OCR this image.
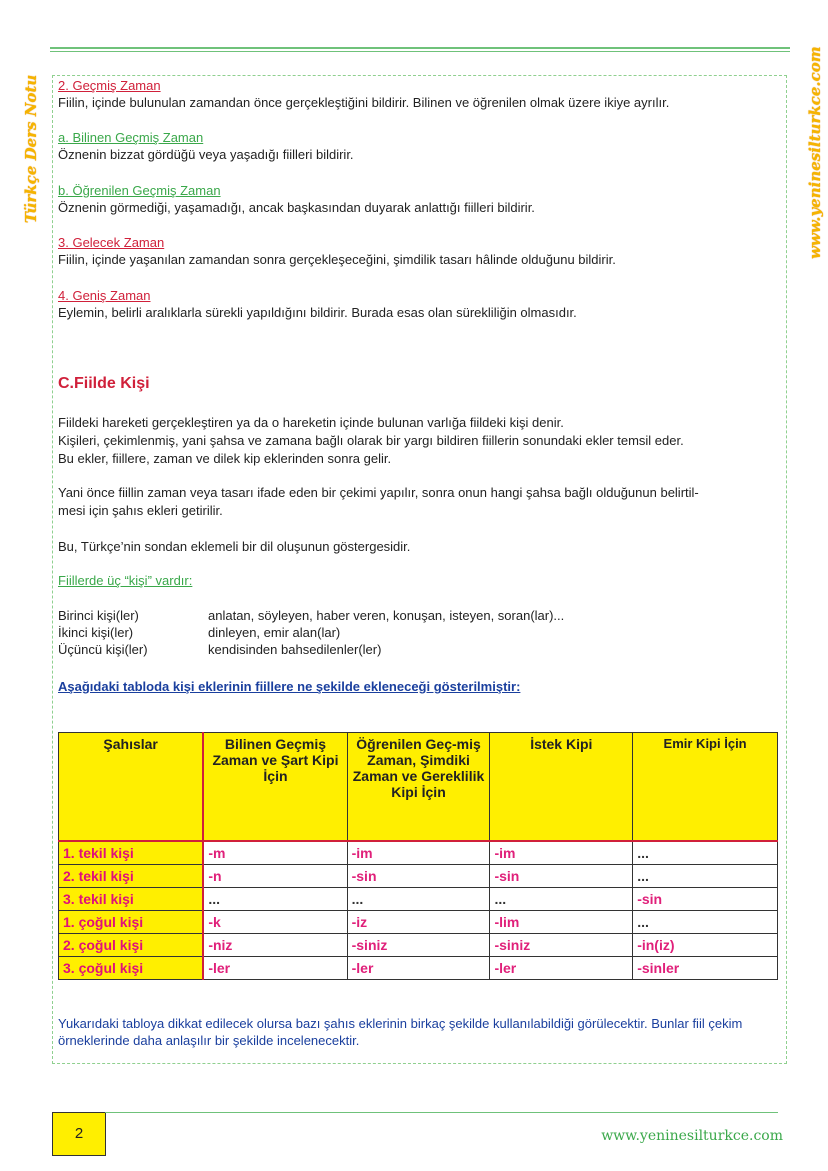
Türkçe Ders Notu	www.yeninesilturkce.com
2. Geçmiş Zaman
Fiilin, içinde bulunulan zamandan önce gerçekleştiğini bildirir. Bilinen ve öğrenilen olmak üzere ikiye ayrılır.
a. Bilinen Geçmiş Zaman
Öznenin bizzat gördüğü veya yaşadığı fiilleri bildirir.
b. Öğrenilen Geçmiş Zaman
Öznenin görmediği, yaşamadığı, ancak başkasından duyarak anlattığı fiilleri bildirir.
3. Gelecek Zaman
Fiilin, içinde yaşanılan zamandan sonra gerçekleşeceğini, şimdilik tasarı hâlinde olduğunu bildirir.
4. Geniş Zaman
Eylemin, belirli aralıklarla sürekli yapıldığını bildirir. Burada esas olan sürekliliğin olmasıdır.
C.Fiilde Kişi
Fiildeki hareketi gerçekleştiren ya da o hareketin içinde bulunan varlığa fiildeki kişi denir.
Kişileri, çekimlenmiş, yani şahsa ve zamana bağlı olarak bir yargı bildiren fiillerin sonundaki ekler temsil eder.
Bu ekler, fiillere, zaman ve dilek kip eklerinden sonra gelir.
Yani önce fiillin zaman veya tasarı ifade eden bir çekimi yapılır, sonra onun hangi şahsa bağlı olduğunun belirtil-
mesi için şahıs ekleri getirilir.
Bu, Türkçe’nin sondan eklemeli bir dil oluşunun göstergesidir.
Fiillerde üç “kişi” vardır:
Birinci kişi(ler)	anlatan, söyleyen, haber veren, konuşan, isteyen, soran(lar)...
İkinci kişi(ler)	dinleyen, emir alan(lar)
Üçüncü kişi(ler)	kendisinden bahsedilenler(ler)
Aşağıdaki tabloda kişi eklerinin fiillere ne şekilde ekleneceği gösterilmiştir:
Şahıslar	Bilinen Geçmiş Zaman ve Şart Kipi İçin	Öğrenilen Geç-miş Zaman, Şimdiki Zaman ve Gereklilik Kipi İçin	İstek Kipi	Emir Kipi İçin
1. tekil kişi	-m	-im	-im	...
2. tekil kişi	-n	-sin	-sin	...
3. tekil kişi	...	...	...	-sin
1. çoğul kişi	-k	-iz	-lim	...
2. çoğul kişi	-niz	-siniz	-siniz	-in(iz)
3. çoğul kişi	-ler	-ler	-ler	-sinler
Yukarıdaki tabloya dikkat edilecek olursa bazı şahıs eklerinin birkaç şekilde kullanılabildiği görülecektir. Bunlar fiil çekim örneklerinde daha anlaşılır bir şekilde incelenecektir.
2	www.yeninesilturkce.com
